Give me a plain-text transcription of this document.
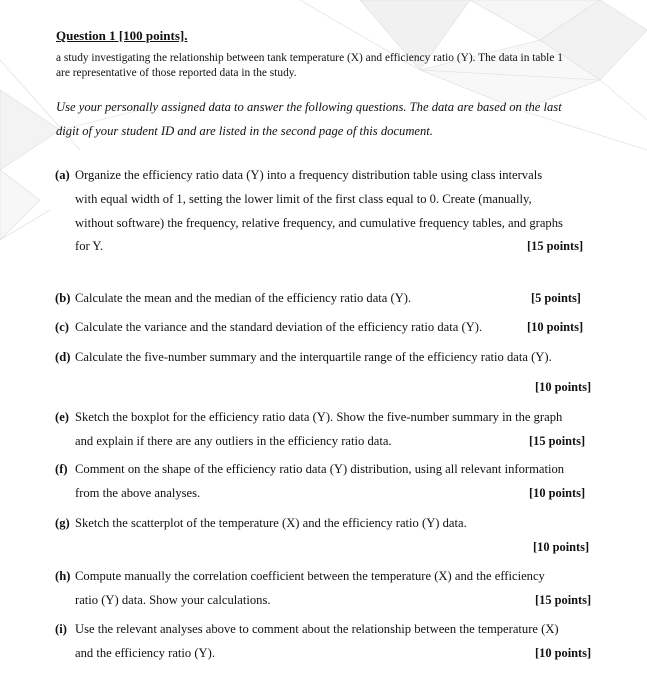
Question 1 [100 points].
a study investigating the relationship between tank temperature (X) and efficiency ratio (Y). The data in table 1
are representative of those reported data in the study.
Use your personally assigned data to answer the following questions. The data are based on the last
digit of your student ID and are listed in the second page of this document.
(a) Organize the efficiency ratio data (Y) into a frequency distribution table using class intervals
with equal width of 1, setting the lower limit of the first class equal to 0. Create (manually,
without software) the frequency, relative frequency, and cumulative frequency tables, and graphs
for Y.	[15 points]
(b) Calculate the mean and the median of the efficiency ratio data (Y).	[5 points]
(c) Calculate the variance and the standard deviation of the efficiency ratio data (Y).	[10 points]
(d) Calculate the five-number summary and the interquartile range of the efficiency ratio data (Y).
[10 points]
(e) Sketch the boxplot for the efficiency ratio data (Y). Show the five-number summary in the graph
and explain if there are any outliers in the efficiency ratio data.	[15 points]
(f) Comment on the shape of the efficiency ratio data (Y) distribution, using all relevant information
from the above analyses.	[10 points]
(g) Sketch the scatterplot of the temperature (X) and the efficiency ratio (Y) data.
[10 points]
(h) Compute manually the correlation coefficient between the temperature (X) and the efficiency
ratio (Y) data. Show your calculations.	[15 points]
(i) Use the relevant analyses above to comment about the relationship between the temperature (X)
and the efficiency ratio (Y).	[10 points]
